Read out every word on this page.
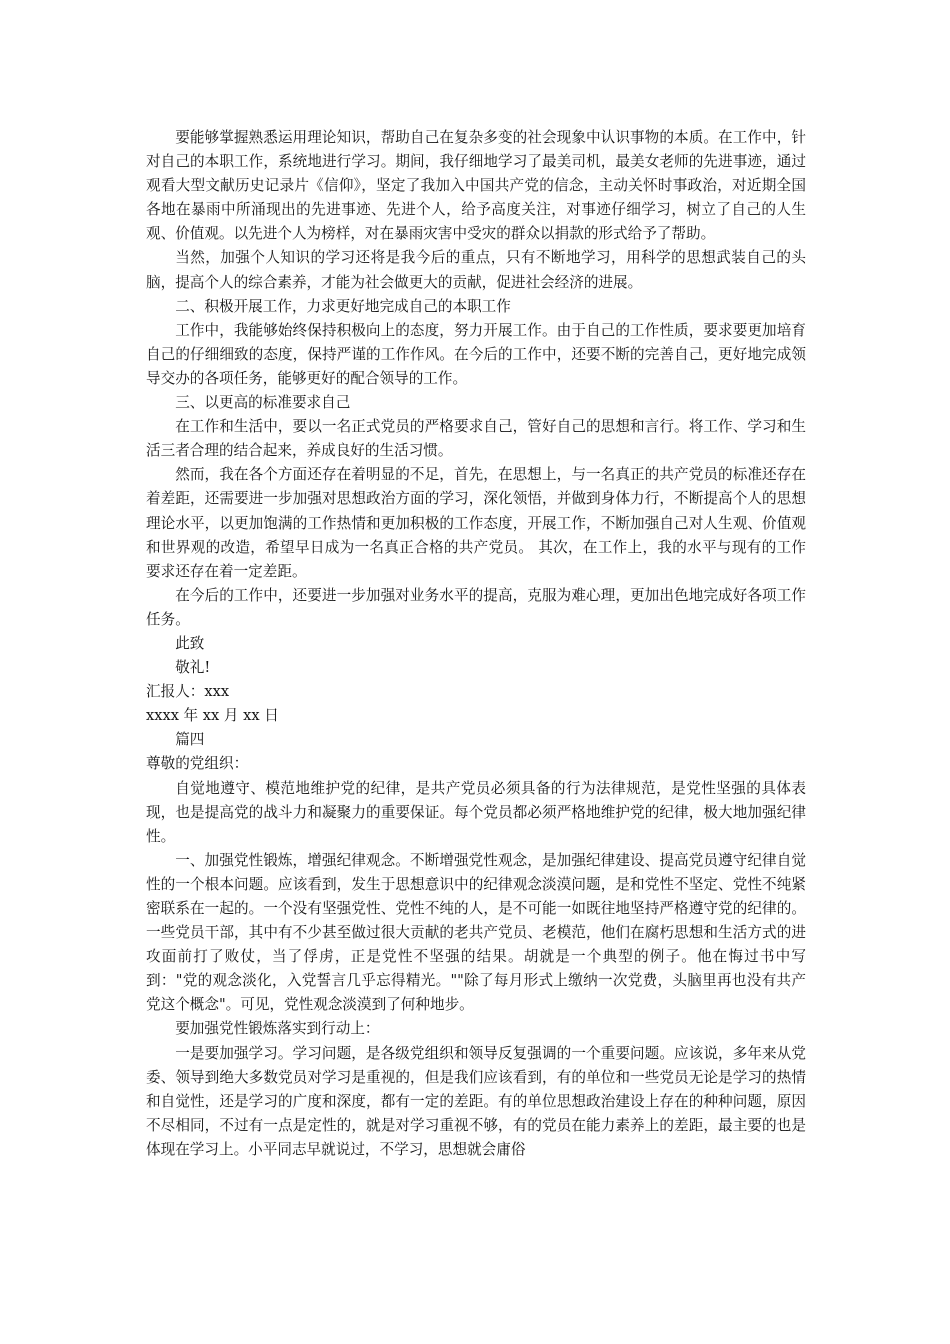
要能够掌握熟悉运用理论知识，帮助自己在复杂多变的社会现象中认识事物的本质。在工作中，针对自己的本职工作，系统地进行学习。期间，我仔细地学习了最美司机，最美女老师的先进事迹，通过观看大型文献历史记录片《信仰》，坚定了我加入中国共产党的信念，主动关怀时事政治，对近期全国各地在暴雨中所涌现出的先进事迹、先进个人，给予高度关注，对事迹仔细学习，树立了自己的人生观、价值观。以先进个人为榜样，对在暴雨灾害中受灾的群众以捐款的形式给予了帮助。

当然，加强个人知识的学习还将是我今后的重点，只有不断地学习，用科学的思想武装自己的头脑，提高个人的综合素养，才能为社会做更大的贡献，促进社会经济的进展。

二、积极开展工作，力求更好地完成自己的本职工作

工作中，我能够始终保持积极向上的态度，努力开展工作。由于自己的工作性质，要求要更加培育自己的仔细细致的态度，保持严谨的工作作风。在今后的工作中，还要不断的完善自己，更好地完成领导交办的各项任务，能够更好的配合领导的工作。

三、以更高的标准要求自己

在工作和生活中，要以一名正式党员的严格要求自己，管好自己的思想和言行。将工作、学习和生活三者合理的结合起来，养成良好的生活习惯。

然而，我在各个方面还存在着明显的不足，首先，在思想上，与一名真正的共产党员的标准还存在着差距，还需要进一步加强对思想政治方面的学习，深化领悟，并做到身体力行，不断提高个人的思想理论水平，以更加饱满的工作热情和更加积极的工作态度，开展工作，不断加强自己对人生观、价值观和世界观的改造，希望早日成为一名真正合格的共产党员。 其次，在工作上，我的水平与现有的工作要求还存在着一定差距。

在今后的工作中，还要进一步加强对业务水平的提高，克服为难心理，更加出色地完成好各项工作任务。

此致

敬礼!

汇报人：xxx

xxxx 年 xx 月 xx 日

篇四

尊敬的党组织：

自觉地遵守、模范地维护党的纪律，是共产党员必须具备的行为法律规范，是党性坚强的具体表现，也是提高党的战斗力和凝聚力的重要保证。每个党员都必须严格地维护党的纪律，极大地加强纪律性。

一、加强党性锻炼，增强纪律观念。不断增强党性观念，是加强纪律建设、提高党员遵守纪律自觉性的一个根本问题。应该看到，发生于思想意识中的纪律观念淡漠问题，是和党性不坚定、党性不纯紧密联系在一起的。一个没有坚强党性、党性不纯的人，是不可能一如既往地坚持严格遵守党的纪律的。一些党员干部，其中有不少甚至做过很大贡献的老共产党员、老模范，他们在腐朽思想和生活方式的进攻面前打了败仗，当了俘虏，正是党性不坚强的结果。胡就是一个典型的例子。他在悔过书中写到："党的观念淡化，入党誓言几乎忘得精光。""除了每月形式上缴纳一次党费，头脑里再也没有共产党这个概念"。可见，党性观念淡漠到了何种地步。

要加强党性锻炼落实到行动上：

一是要加强学习。学习问题，是各级党组织和领导反复强调的一个重要问题。应该说，多年来从党委、领导到绝大多数党员对学习是重视的，但是我们应该看到，有的单位和一些党员无论是学习的热情和自觉性，还是学习的广度和深度，都有一定的差距。有的单位思想政治建设上存在的种种问题，原因不尽相同，不过有一点是定性的，就是对学习重视不够，有的党员在能力素养上的差距，最主要的也是体现在学习上。小平同志早就说过，不学习，思想就会庸俗
